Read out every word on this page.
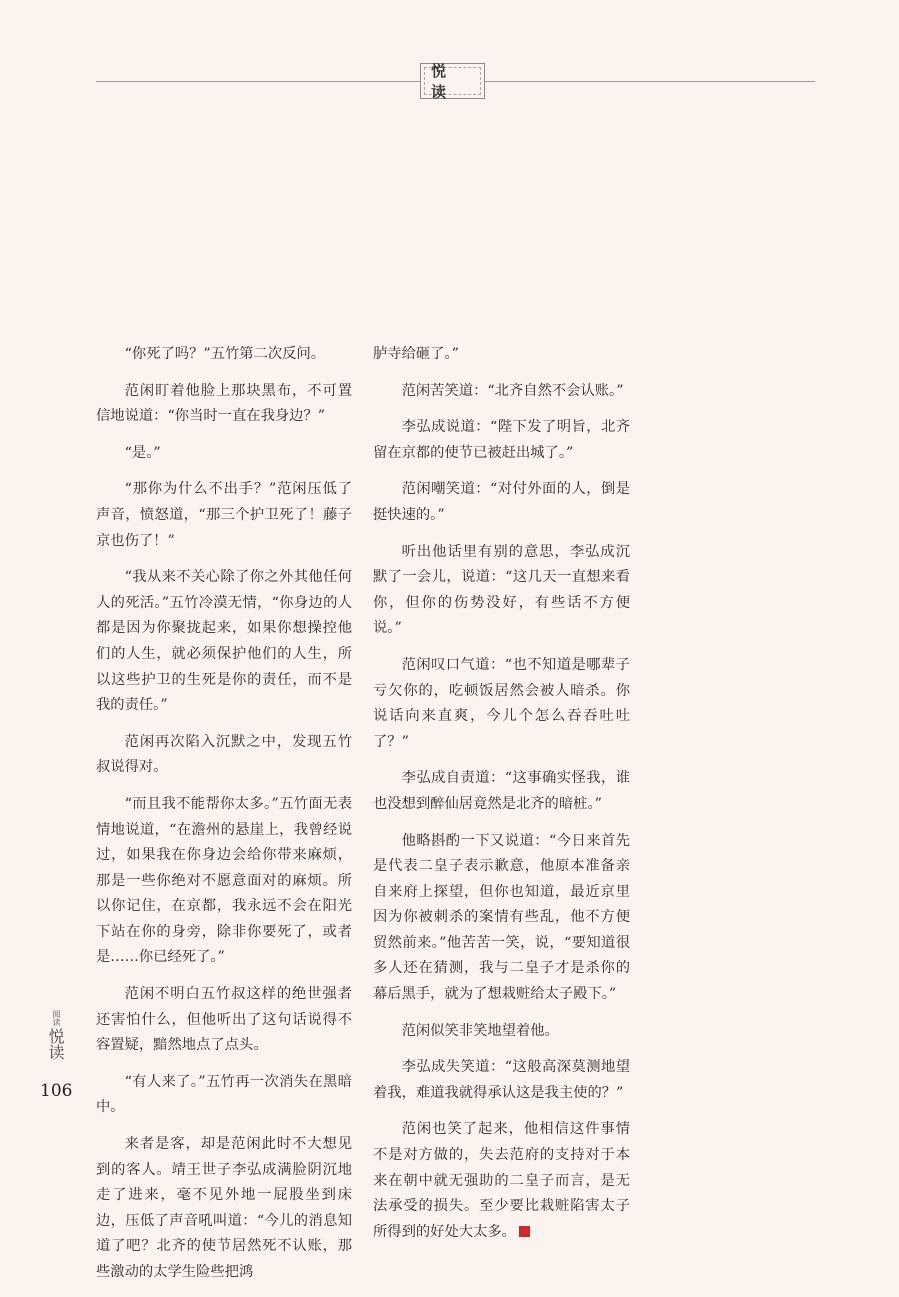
悦 读

“你死了吗？”五竹第二次反问。

范闲盯着他脸上那块黑布，不可置信地说道：“你当时一直在我身边？”

“是。”

“那你为什么不出手？”范闲压低了声音，愤怒道，“那三个护卫死了！藤子京也伤了！”

“我从来不关心除了你之外其他任何人的死活。”五竹冷漠无情，“你身边的人都是因为你聚拢起来，如果你想操控他们的人生，就必须保护他们的人生，所以这些护卫的生死是你的责任，而不是我的责任。”

范闲再次陷入沉默之中，发现五竹叔说得对。

“而且我不能帮你太多。”五竹面无表情地说道，“在澹州的悬崖上，我曾经说过，如果我在你身边会给你带来麻烦，那是一些你绝对不愿意面对的麻烦。所以你记住，在京都，我永远不会在阳光下站在你的身旁，除非你要死了，或者是……你已经死了。”

范闲不明白五竹叔这样的绝世强者还害怕什么，但他听出了这句话说得不容置疑，黯然地点了点头。

“有人来了。”五竹再一次消失在黑暗中。

来者是客，却是范闲此时不大想见到的客人。靖王世子李弘成满脸阴沉地走了进来，毫不见外地一屁股坐到床边，压低了声音吼叫道：“今儿的消息知道了吧？北齐的使节居然死不认账，那些激动的太学生险些把鸿

胪寺给砸了。”

范闲苦笑道：“北齐自然不会认账。”

李弘成说道：“陛下发了明旨，北齐留在京都的使节已被赶出城了。”

范闲嘲笑道：“对付外面的人，倒是挺快速的。”

听出他话里有别的意思，李弘成沉默了一会儿，说道：“这几天一直想来看你，但你的伤势没好，有些话不方便说。”

范闲叹口气道：“也不知道是哪辈子亏欠你的，吃顿饭居然会被人暗杀。你说话向来直爽，今儿个怎么吞吞吐吐了？”

李弘成自责道：“这事确实怪我，谁也没想到醉仙居竟然是北齐的暗桩。”

他略斟酌一下又说道：“今日来首先是代表二皇子表示歉意，他原本准备亲自来府上探望，但你也知道，最近京里因为你被刺杀的案情有些乱，他不方便贸然前来。”他苦苦一笑，说，“要知道很多人还在猜测，我与二皇子才是杀你的幕后黑手，就为了想栽赃给太子殿下。”

范闲似笑非笑地望着他。

李弘成失笑道：“这般高深莫测地望着我，难道我就得承认这是我主使的？”

范闲也笑了起来，他相信这件事情不是对方做的，失去范府的支持对于本来在朝中就无强助的二皇子而言，是无法承受的损失。至少要比栽赃陷害太子所得到的好处大太多。

阅读
悦读
106
